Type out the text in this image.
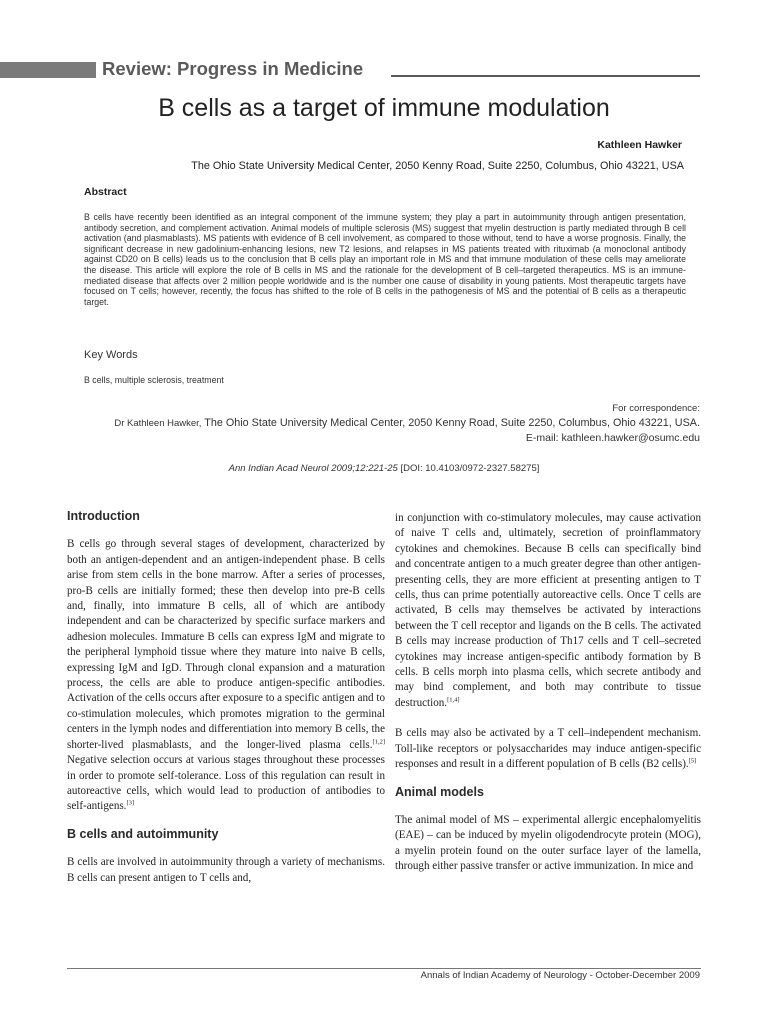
Review: Progress in Medicine
B cells as a target of immune modulation
Kathleen Hawker
The Ohio State University Medical Center, 2050 Kenny Road, Suite 2250, Columbus, Ohio 43221, USA
Abstract
B cells have recently been identified as an integral component of the immune system; they play a part in autoimmunity through antigen presentation, antibody secretion, and complement activation. Animal models of multiple sclerosis (MS) suggest that myelin destruction is partly mediated through B cell activation (and plasmablasts). MS patients with evidence of B cell involvement, as compared to those without, tend to have a worse prognosis. Finally, the significant decrease in new gadolinium-enhancing lesions, new T2 lesions, and relapses in MS patients treated with rituximab (a monoclonal antibody against CD20 on B cells) leads us to the conclusion that B cells play an important role in MS and that immune modulation of these cells may ameliorate the disease. This article will explore the role of B cells in MS and the rationale for the development of B cell–targeted therapeutics. MS is an immune-mediated disease that affects over 2 million people worldwide and is the number one cause of disability in young patients. Most therapeutic targets have focused on T cells; however, recently, the focus has shifted to the role of B cells in the pathogenesis of MS and the potential of B cells as a therapeutic target.
Key Words
B cells, multiple sclerosis, treatment
For correspondence:
Dr Kathleen Hawker, The Ohio State University Medical Center, 2050 Kenny Road, Suite 2250, Columbus, Ohio 43221, USA.
E-mail: kathleen.hawker@osumc.edu
Ann Indian Acad Neurol 2009;12:221-25 [DOI: 10.4103/0972-2327.58275]
Introduction

B cells go through several stages of development, characterized by both an antigen-dependent and an antigen-independent phase. B cells arise from stem cells in the bone marrow. After a series of processes, pro-B cells are initially formed; these then develop into pre-B cells and, finally, into immature B cells, all of which are antibody independent and can be characterized by specific surface markers and adhesion molecules. Immature B cells can express IgM and migrate to the peripheral lymphoid tissue where they mature into naive B cells, expressing IgM and IgD. Through clonal expansion and a maturation process, the cells are able to produce antigen-specific antibodies. Activation of the cells occurs after exposure to a specific antigen and to co-stimulation molecules, which promotes migration to the germinal centers in the lymph nodes and differentiation into memory B cells, the shorter-lived plasmablasts, and the longer-lived plasma cells.[1,2] Negative selection occurs at various stages throughout these processes in order to promote self-tolerance. Loss of this regulation can result in autoreactive cells, which would lead to production of antibodies to self-antigens.[3]

B cells and autoimmunity

B cells are involved in autoimmunity through a variety of mechanisms. B cells can present antigen to T cells and,

in conjunction with co-stimulatory molecules, may cause activation of naive T cells and, ultimately, secretion of proinflammatory cytokines and chemokines. Because B cells can specifically bind and concentrate antigen to a much greater degree than other antigen-presenting cells, they are more efficient at presenting antigen to T cells, thus can prime potentially autoreactive cells. Once T cells are activated, B cells may themselves be activated by interactions between the T cell receptor and ligands on the B cells. The activated B cells may increase production of Th17 cells and T cell–secreted cytokines may increase antigen-specific antibody formation by B cells. B cells morph into plasma cells, which secrete antibody and may bind complement, and both may contribute to tissue destruction.[1,4]

B cells may also be activated by a T cell–independent mechanism. Toll-like receptors or polysaccharides may induce antigen-specific responses and result in a different population of B cells (B2 cells).[5]

Animal models

The animal model of MS – experimental allergic encephalomyelitis (EAE) – can be induced by myelin oligodendrocyte protein (MOG), a myelin protein found on the outer surface layer of the lamella, through either passive transfer or active immunization. In mice and

Annals of Indian Academy of Neurology - October-December 2009
